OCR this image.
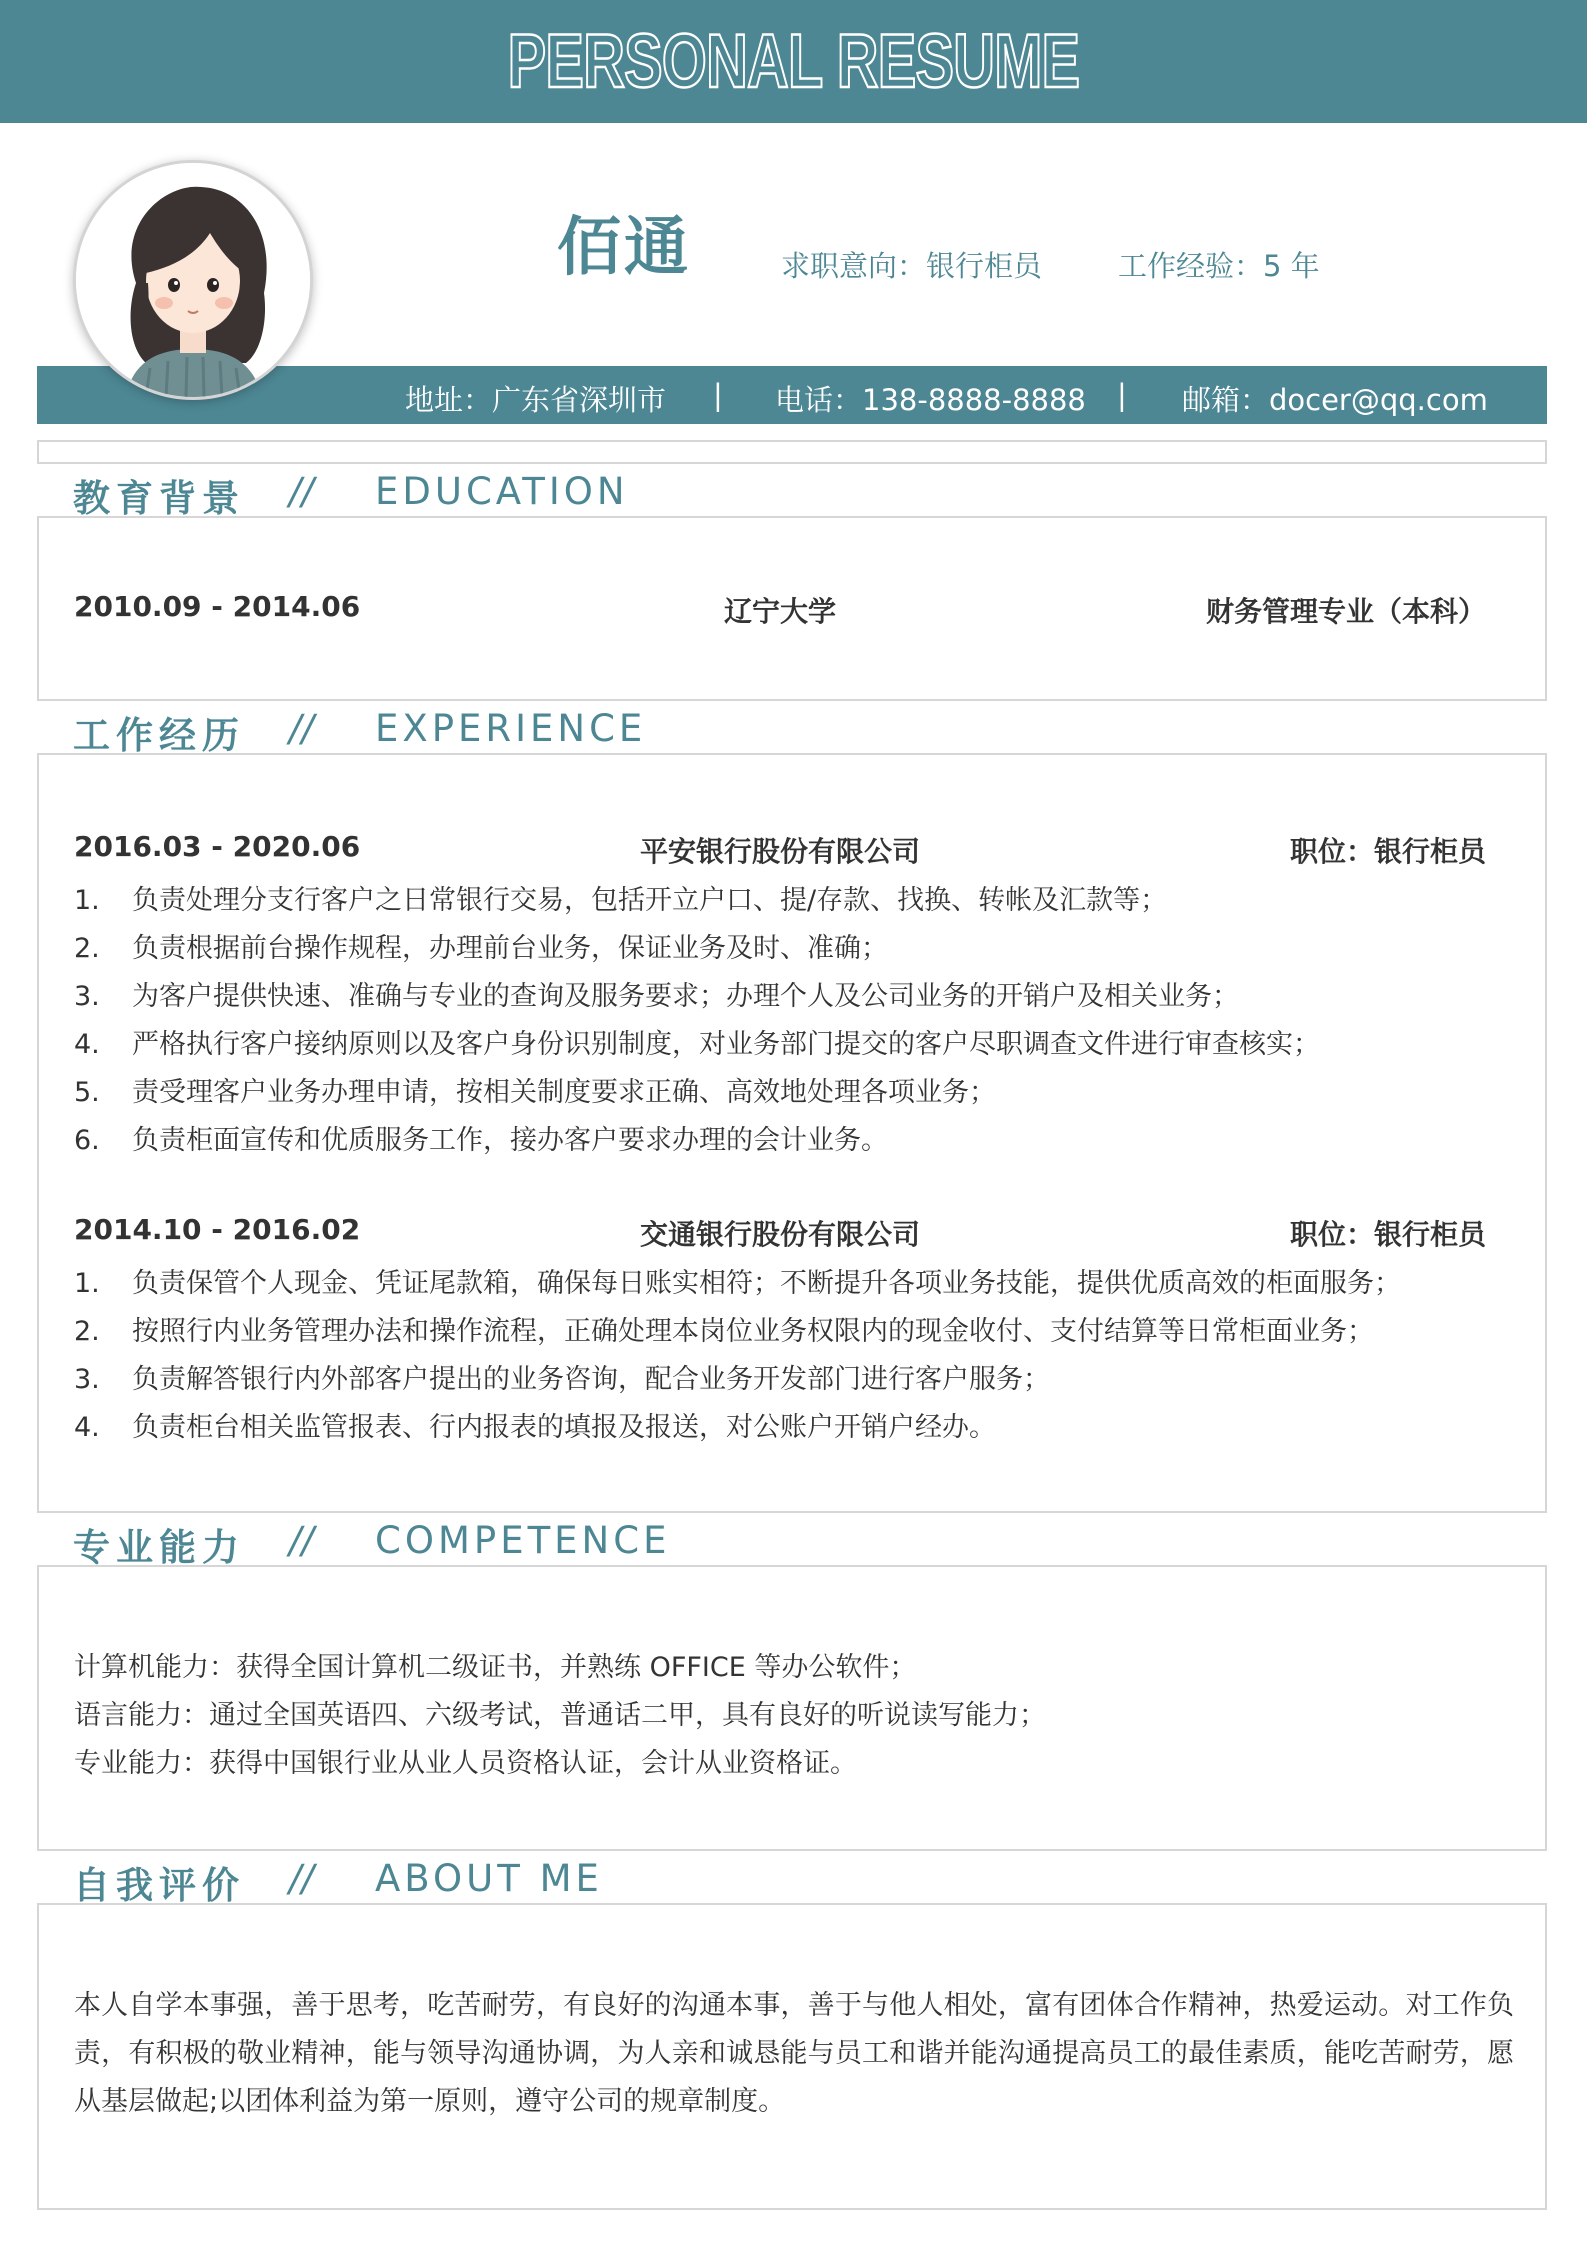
PERSONAL RESUME
地址：广东省深圳市 | 电话：138-8888-8888 | 邮箱：docer@qq.com
佰通	求职意向：银行柜员	工作经验：5 年
教育背景 // EDUCATION
2010.09 - 2014.06	辽宁大学	财务管理专业（本科）
工作经历 // EXPERIENCE
2016.03 - 2020.06	平安银行股份有限公司	职位：银行柜员
1. 负责处理分支行客户之日常银行交易，包括开立户口、提/存款、找换、转帐及汇款等；
2. 负责根据前台操作规程，办理前台业务，保证业务及时、准确；
3. 为客户提供快速、准确与专业的查询及服务要求；办理个人及公司业务的开销户及相关业务；
4. 严格执行客户接纳原则以及客户身份识别制度，对业务部门提交的客户尽职调查文件进行审查核实；
5. 责受理客户业务办理申请，按相关制度要求正确、高效地处理各项业务；
6. 负责柜面宣传和优质服务工作，接办客户要求办理的会计业务。
2014.10 - 2016.02	交通银行股份有限公司	职位：银行柜员
1. 负责保管个人现金、凭证尾款箱，确保每日账实相符；不断提升各项业务技能，提供优质高效的柜面服务；
2. 按照行内业务管理办法和操作流程，正确处理本岗位业务权限内的现金收付、支付结算等日常柜面业务；
3. 负责解答银行内外部客户提出的业务咨询，配合业务开发部门进行客户服务；
4. 负责柜台相关监管报表、行内报表的填报及报送，对公账户开销户经办。
专业能力 // COMPETENCE
计算机能力：获得全国计算机二级证书，并熟练 OFFICE 等办公软件；
语言能力：通过全国英语四、六级考试，普通话二甲，具有良好的听说读写能力；
专业能力：获得中国银行业从业人员资格认证，会计从业资格证。
自我评价 // ABOUT ME
本人自学本事强，善于思考，吃苦耐劳，有良好的沟通本事，善于与他人相处，富有团体合作精神，热爱运动。对工作负责，有积极的敬业精神，能与领导沟通协调，为人亲和诚恳能与员工和谐并能沟通提高员工的最佳素质，能吃苦耐劳，愿从基层做起;以团体利益为第一原则，遵守公司的规章制度。
